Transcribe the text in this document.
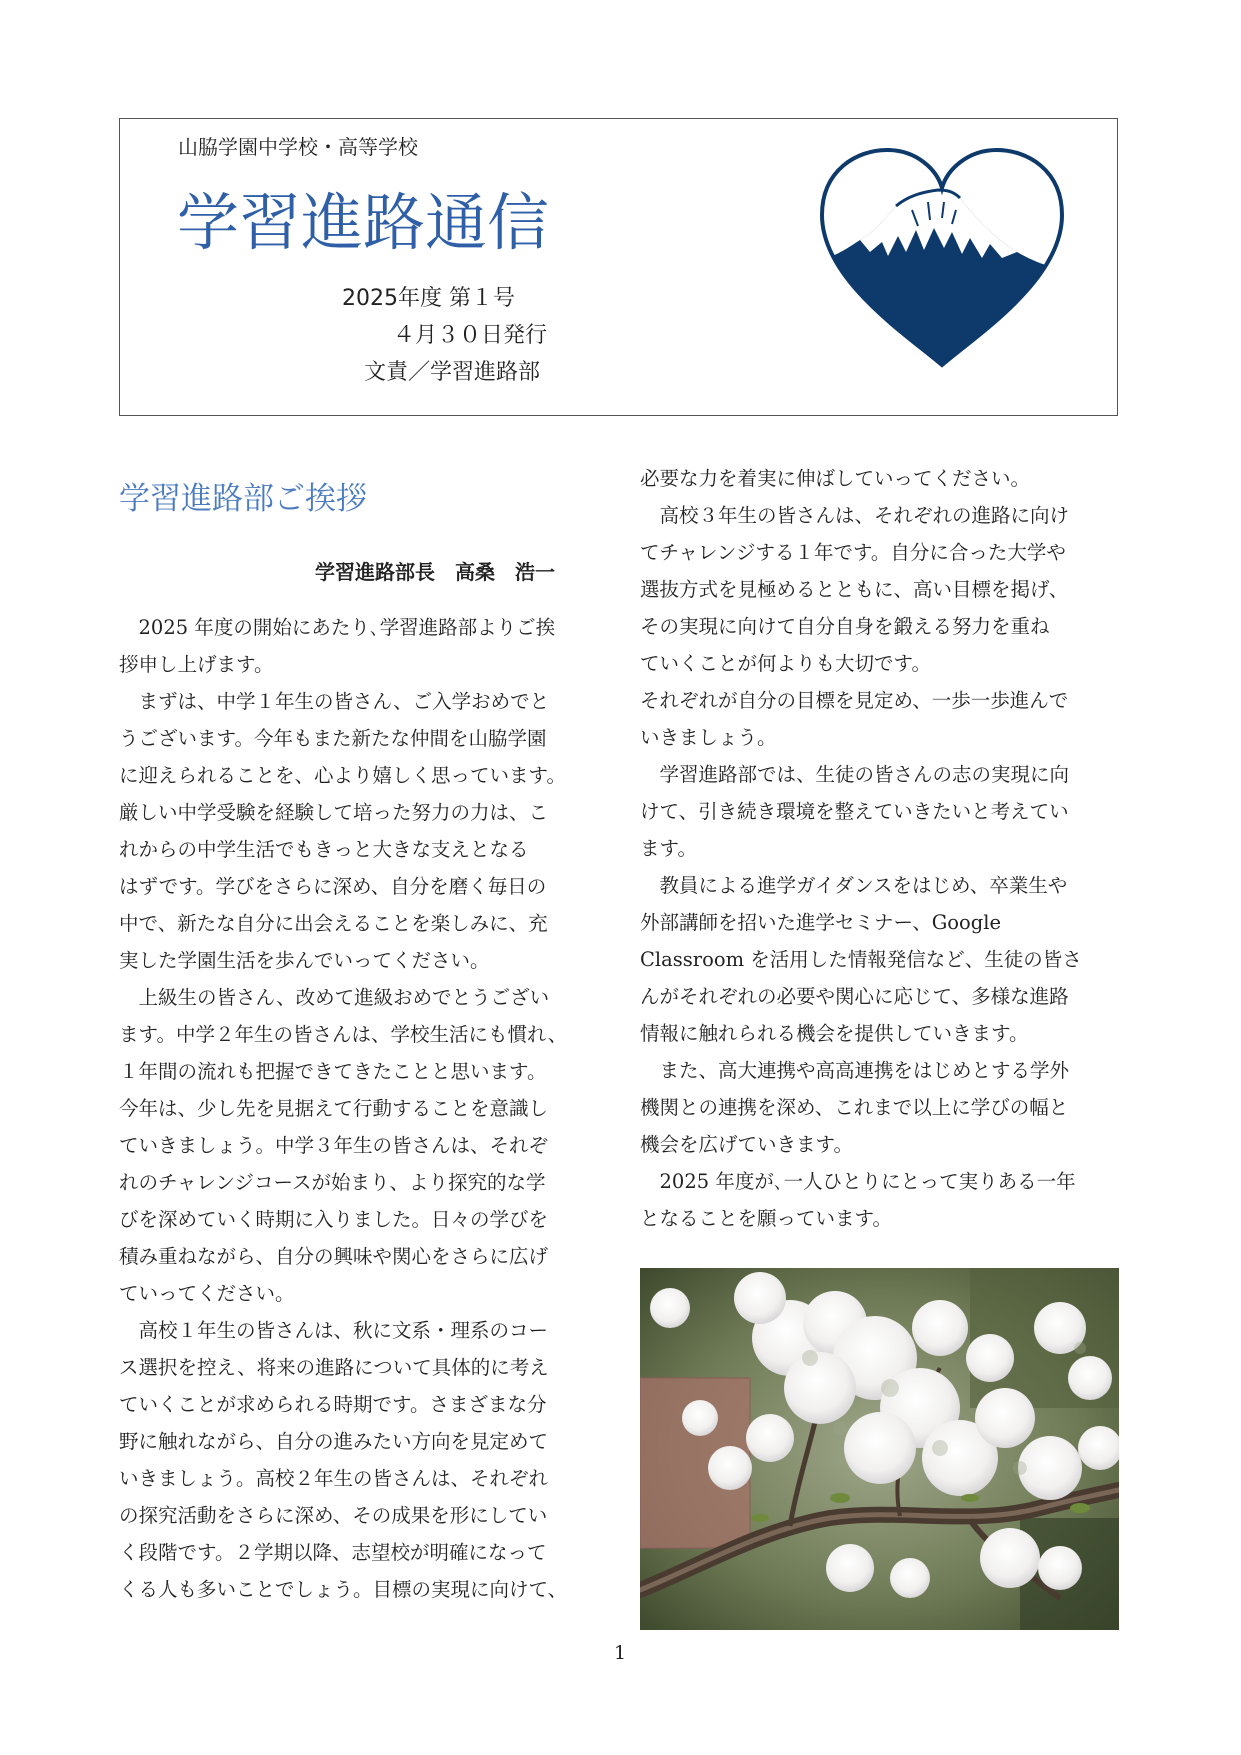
山脇学園中学校・高等学校
学習進路通信
2025年度 第１号
４月３０日発行
文責／学習進路部
学習進路部ご挨拶
学習進路部長　高桑　浩一
　2025 年度の開始にあたり､学習進路部よりご挨
拶申し上げます。
　まずは、中学１年生の皆さん、ご入学おめでと
うございます。今年もまた新たな仲間を山脇学園
に迎えられることを、心より嬉しく思っています。
厳しい中学受験を経験して培った努力の力は、こ
れからの中学生活でもきっと大きな支えとなる
はずです。学びをさらに深め、自分を磨く毎日の
中で、新たな自分に出会えることを楽しみに、充
実した学園生活を歩んでいってください。
　上級生の皆さん、改めて進級おめでとうござい
ます。中学２年生の皆さんは、学校生活にも慣れ、
１年間の流れも把握できてきたことと思います。
今年は、少し先を見据えて行動することを意識し
ていきましょう。中学３年生の皆さんは、それぞ
れのチャレンジコースが始まり、より探究的な学
びを深めていく時期に入りました。日々の学びを
積み重ねながら、自分の興味や関心をさらに広げ
ていってください。
　高校１年生の皆さんは、秋に文系・理系のコー
ス選択を控え、将来の進路について具体的に考え
ていくことが求められる時期です。さまざまな分
野に触れながら、自分の進みたい方向を見定めて
いきましょう。高校２年生の皆さんは、それぞれ
の探究活動をさらに深め、その成果を形にしてい
く段階です。２学期以降、志望校が明確になって
くる人も多いことでしょう。目標の実現に向けて、
必要な力を着実に伸ばしていってください。
　高校３年生の皆さんは、それぞれの進路に向け
てチャレンジする１年です。自分に合った大学や
選抜方式を見極めるとともに、高い目標を掲げ、
その実現に向けて自分自身を鍛える努力を重ね
ていくことが何よりも大切です。
それぞれが自分の目標を見定め、一歩一歩進んで
いきましょう。
　学習進路部では、生徒の皆さんの志の実現に向
けて、引き続き環境を整えていきたいと考えてい
ます。
　教員による進学ガイダンスをはじめ、卒業生や
外部講師を招いた進学セミナー、Google
Classroom を活用した情報発信など、生徒の皆さ
んがそれぞれの必要や関心に応じて、多様な進路
情報に触れられる機会を提供していきます。
　また、高大連携や高高連携をはじめとする学外
機関との連携を深め、これまで以上に学びの幅と
機会を広げていきます。
　2025 年度が､一人ひとりにとって実りある一年
となることを願っています。
1
